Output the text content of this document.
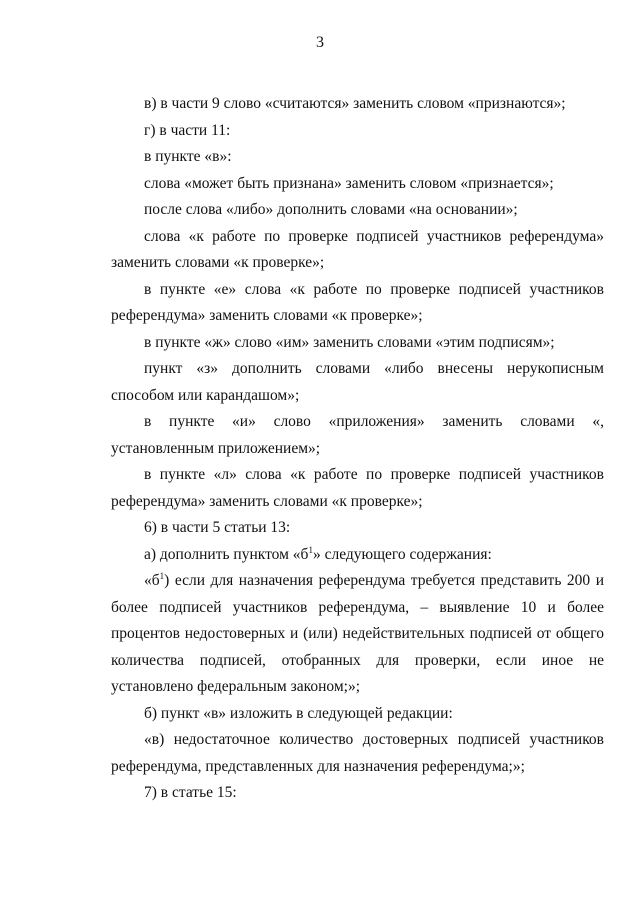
3

в) в части 9 слово «считаются» заменить словом «признаются»;

г) в части 11:

в пункте «в»:

слова «может быть признана» заменить словом «признается»;

после слова «либо» дополнить словами «на основании»;

слова «к работе по проверке подписей участников референдума» заменить словами «к проверке»;

в пункте «е» слова «к работе по проверке подписей участников референдума» заменить словами «к проверке»;

в пункте «ж» слово «им» заменить словами «этим подписям»;

пункт «з» дополнить словами «либо внесены нерукописным способом или карандашом»;

в пункте «и» слово «приложения» заменить словами «, установленным приложением»;

в пункте «л» слова «к работе по проверке подписей участников референдума» заменить словами «к проверке»;

6) в части 5 статьи 13:

а) дополнить пунктом «$б^1$» следующего содержания:

«$б^1$) если для назначения референдума требуется представить 200 и более подписей участников референдума, – выявление 10 и более процентов недостоверных и (или) недействительных подписей от общего количества подписей, отобранных для проверки, если иное не установлено федеральным законом;»;

б) пункт «в» изложить в следующей редакции:

«в) недостаточное количество достоверных подписей участников референдума, представленных для назначения референдума;»;

7) в статье 15:
